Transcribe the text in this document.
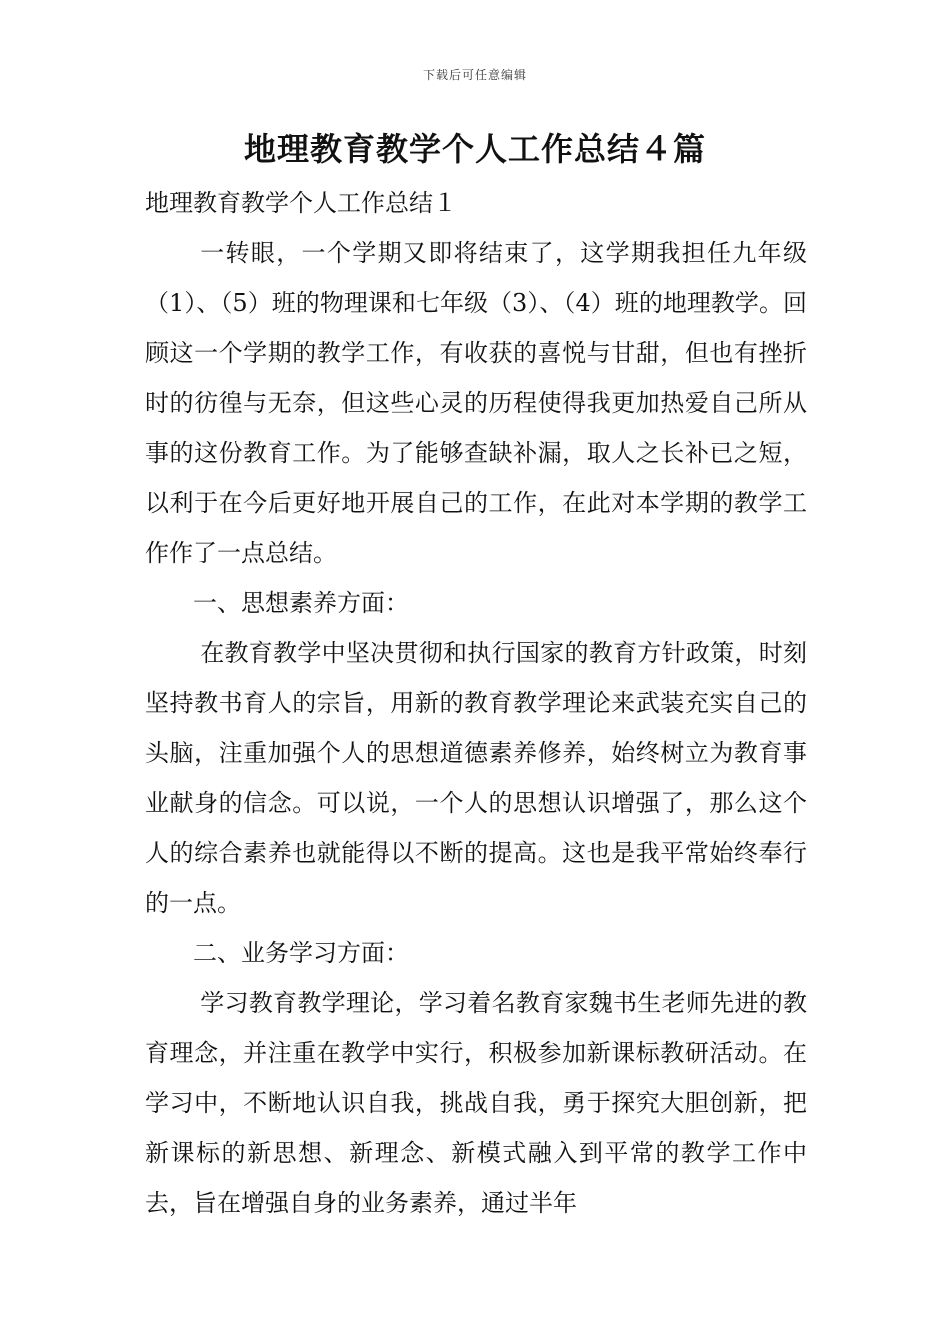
下载后可任意编辑
地理教育教学个人工作总结４篇

地理教育教学个人工作总结１

一转眼，一个学期又即将结束了，这学期我担任九年级（1）、（5）班的物理课和七年级（3）、（4）班的地理教学。回顾这一个学期的教学工作，有收获的喜悦与甘甜，但也有挫折时的彷徨与无奈，但这些心灵的历程使得我更加热爱自己所从事的这份教育工作。为了能够查缺补漏，取人之长补已之短，以利于在今后更好地开展自己的工作，在此对本学期的教学工作作了一点总结。

一、思想素养方面：

在教育教学中坚决贯彻和执行国家的教育方针政策，时刻坚持教书育人的宗旨，用新的教育教学理论来武装充实自己的头脑，注重加强个人的思想道德素养修养，始终树立为教育事业献身的信念。可以说，一个人的思想认识增强了，那么这个人的综合素养也就能得以不断的提高。这也是我平常始终奉行的一点。

二、业务学习方面：

学习教育教学理论，学习着名教育家魏书生老师先进的教育理念，并注重在教学中实行，积极参加新课标教研活动。在学习中，不断地认识自我，挑战自我，勇于探究大胆创新，把新课标的新思想、新理念、新模式融入到平常的教学工作中去，旨在增强自身的业务素养，通过半年
